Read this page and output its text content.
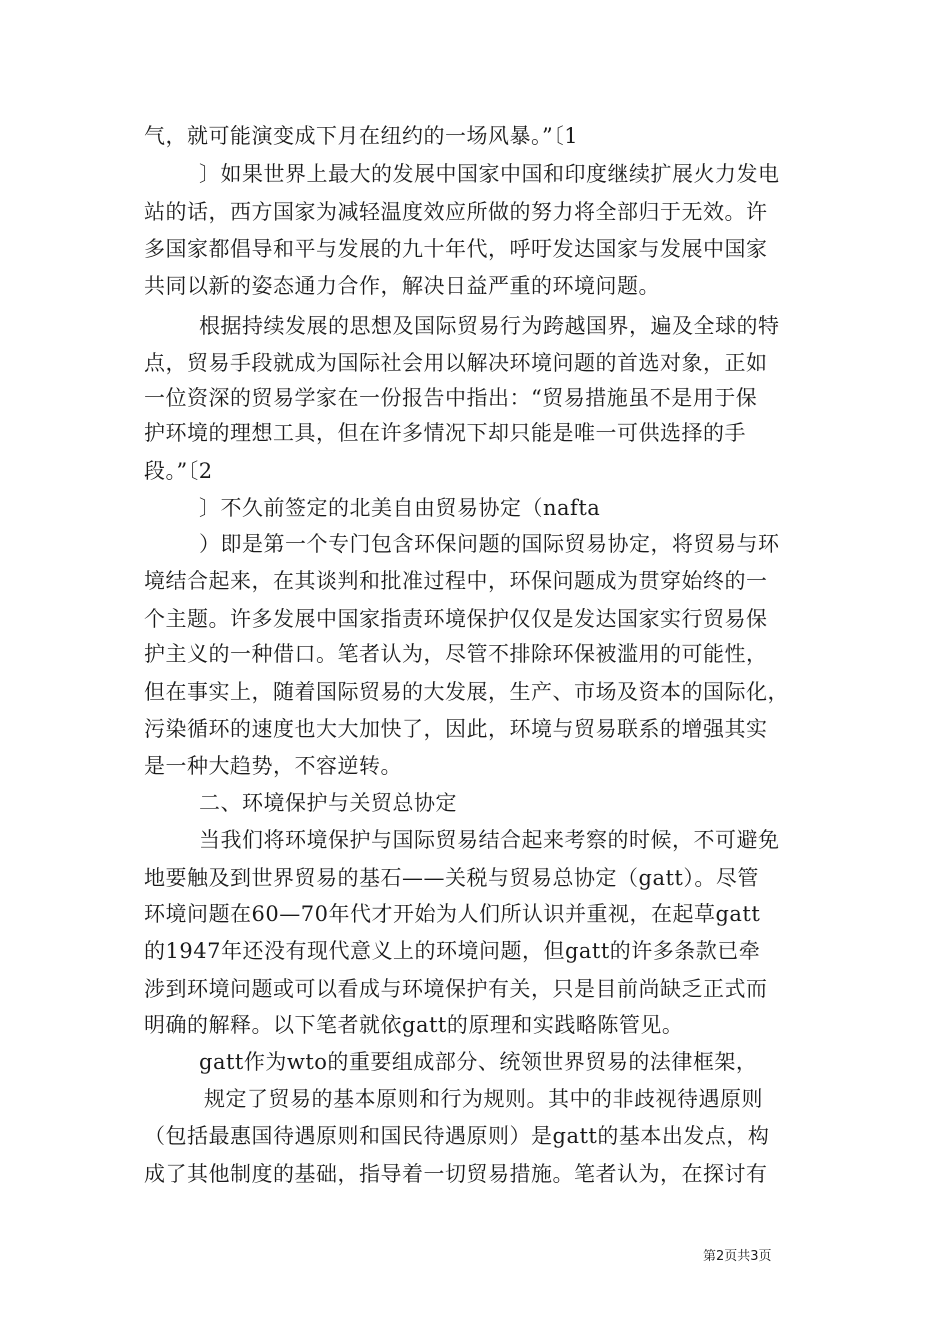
气，就可能演变成下月在纽约的一场风暴。”〔1
〕如果世界上最大的发展中国家中国和印度继续扩展火力发电
站的话，西方国家为减轻温度效应所做的努力将全部归于无效。许
多国家都倡导和平与发展的九十年代，呼吁发达国家与发展中国家
共同以新的姿态通力合作，解决日益严重的环境问题。
根据持续发展的思想及国际贸易行为跨越国界，遍及全球的特
点，贸易手段就成为国际社会用以解决环境问题的首选对象，正如
一位资深的贸易学家在一份报告中指出：“贸易措施虽不是用于保
护环境的理想工具，但在许多情况下却只能是唯一可供选择的手
段。”〔2
〕不久前签定的北美自由贸易协定（nafta
）即是第一个专门包含环保问题的国际贸易协定，将贸易与环
境结合起来，在其谈判和批准过程中，环保问题成为贯穿始终的一
个主题。许多发展中国家指责环境保护仅仅是发达国家实行贸易保
护主义的一种借口。笔者认为，尽管不排除环保被滥用的可能性，
但在事实上，随着国际贸易的大发展，生产、市场及资本的国际化，
污染循环的速度也大大加快了，因此，环境与贸易联系的增强其实
是一种大趋势，不容逆转。
二、环境保护与关贸总协定
当我们将环境保护与国际贸易结合起来考察的时候，不可避免
地要触及到世界贸易的基石——关税与贸易总协定（gatt）。尽管
环境问题在60—70年代才开始为人们所认识并重视，在起草gatt
的1947年还没有现代意义上的环境问题，但gatt的许多条款已牵
涉到环境问题或可以看成与环境保护有关，只是目前尚缺乏正式而
明确的解释。以下笔者就依gatt的原理和实践略陈管见。
gatt作为wto的重要组成部分、统领世界贸易的法律框架，
规定了贸易的基本原则和行为规则。其中的非歧视待遇原则
（包括最惠国待遇原则和国民待遇原则）是gatt的基本出发点，构
成了其他制度的基础，指导着一切贸易措施。笔者认为，在探讨有
第2页共3页
